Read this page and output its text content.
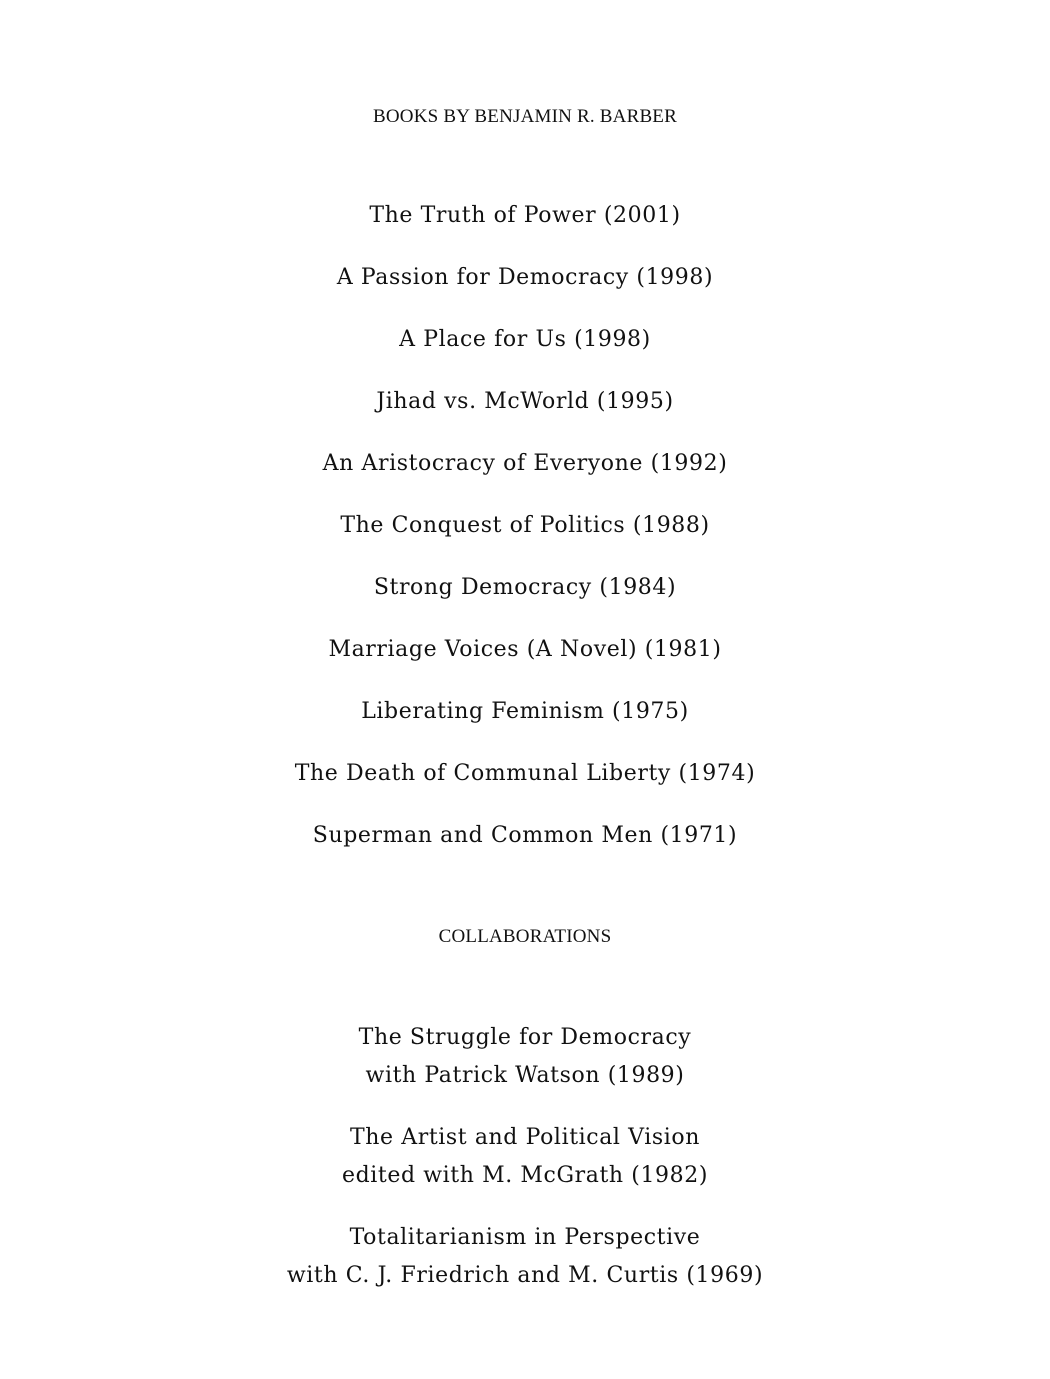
BOOKS BY BENJAMIN R. BARBER
The Truth of Power (2001)
A Passion for Democracy (1998)
A Place for Us (1998)
Jihad vs. McWorld (1995)
An Aristocracy of Everyone (1992)
The Conquest of Politics (1988)
Strong Democracy (1984)
Marriage Voices (A Novel) (1981)
Liberating Feminism (1975)
The Death of Communal Liberty (1974)
Superman and Common Men (1971)
COLLABORATIONS
The Struggle for Democracy
with Patrick Watson (1989)
The Artist and Political Vision
edited with M. McGrath (1982)
Totalitarianism in Perspective
with C. J. Friedrich and M. Curtis (1969)
